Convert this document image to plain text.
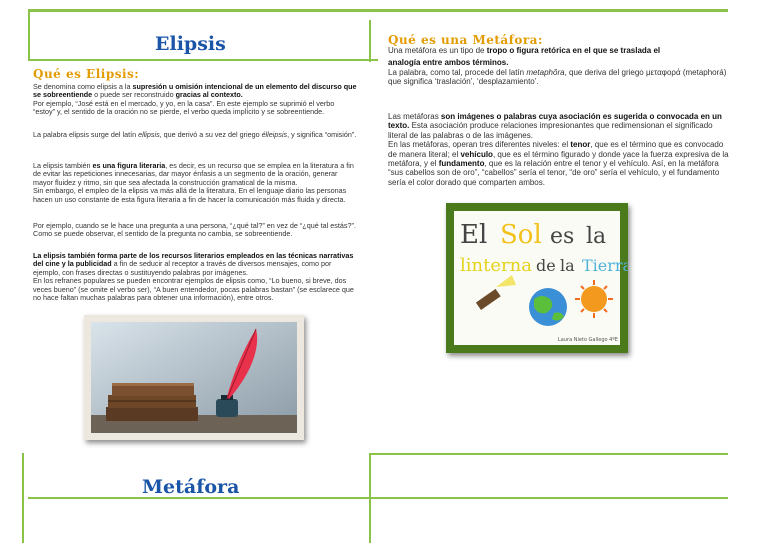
Elipsis
Qué es Elipsis:
Se denomina como elipsis a la supresión u omisión intencional de un elemento del discurso que se sobreentiende o puede ser reconstruido gracias al contexto.
Por ejemplo, “José está en el mercado, y yo, en la casa”. En este ejemplo se suprimió el verbo “estoy” y, el sentido de la oración no se pierde, el verbo queda implícito y se sobreentiende.
La palabra elipsis surge del latín ellipsis, que derivó a su vez del griego élleipsis, y significa “omisión”.
La elipsis también es una figura literaria, es decir, es un recurso que se emplea en la literatura a fin de evitar las repeticiones innecesarias, dar mayor énfasis a un segmento de la oración, generar mayor fluidez y ritmo, sin que sea afectada la construcción gramatical de la misma.
Sin embargo, el empleo de la elipsis va más allá de la literatura. En el lenguaje diario las personas hacen un uso constante de esta figura literaria a fin de hacer la comunicación más fluida y directa.
Por ejemplo, cuando se le hace una pregunta a una persona, “¿qué tal?” en vez de “¿qué tal estás?”. Como se puede observar, el sentido de la pregunta no cambia, se sobreentiende.
La elipsis también forma parte de los recursos literarios empleados en las técnicas narrativas del cine y la publicidad a fin de seducir al receptor a través de diversos mensajes, como por ejemplo, con frases directas o sustituyendo palabras por imágenes.
En los refranes populares se pueden encontrar ejemplos de elipsis como, “Lo bueno, si breve, dos veces bueno” (se omite el verbo ser), “A buen entendedor, pocas palabras bastan” (se esclarece que no hace faltan muchas palabras para obtener una información), entre otros.
Metáfora
Qué es una Metáfora:
Una metáfora es un tipo de tropo o figura retórica en el que se traslada el

analogía entre ambos términos.
La palabra, como tal, procede del latín metaphŏra, que deriva del griego μεταφορά (metaphorá) que significa ‘traslación’, ‘desplazamiento’.
Las metáforas son imágenes o palabras cuya asociación es sugerida o convocada en un texto. Esta asociación produce relaciones impresionantes que redimensionan el significado literal de las palabras o de las imágenes.
En las metáforas, operan tres diferentes niveles: el tenor, que es el término que es convocado de manera literal; el vehículo, que es el término figurado y donde yace la fuerza expresiva de la metáfora, y el fundamento, que es la relación entre el tenor y el vehículo. Así, en la metáfora “sus cabellos son de oro”, “cabellos” sería el tenor, “de oro” sería el vehículo, y el fundamento sería el color dorado que comparten ambos.
El Sol es la
linterna de la Tierra
Laura Nieto Gallego 4ºE
